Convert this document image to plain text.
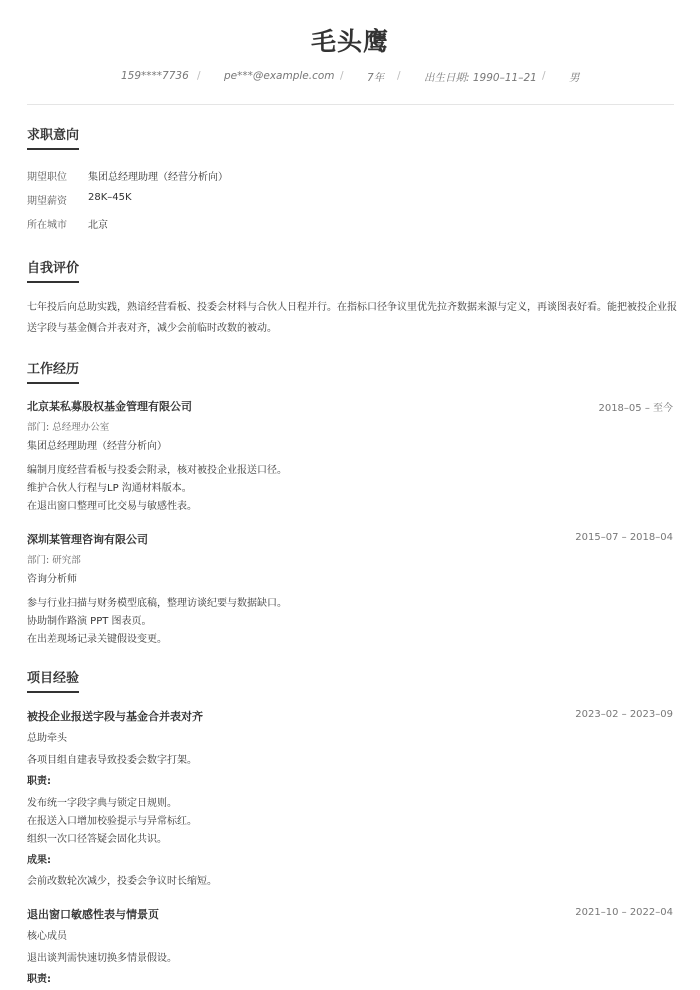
毛头鹰
159****7736 / pe***@example.com / 7年 / 出生日期: 1990–11–21 / 男
求职意向
期望职位 集团总经理助理（经营分析向）
期望薪资 28K–45K
所在城市 北京
自我评价
七年投后向总助实践，熟谙经营看板、投委会材料与合伙人日程并行。在指标口径争议里优先拉齐数据来源与定义，再谈图表好看。能把被投企业报送字段与基金侧合并表对齐，减少会前临时改数的被动。
工作经历
北京某私募股权基金管理有限公司	2018–05 – 至今
部门: 总经理办公室
集团总经理助理（经营分析向）
编制月度经营看板与投委会附录，核对被投企业报送口径。
维护合伙人行程与LP 沟通材料版本。
在退出窗口整理可比交易与敏感性表。
深圳某管理咨询有限公司	2015–07 – 2018–04
部门: 研究部
咨询分析师
参与行业扫描与财务模型底稿，整理访谈纪要与数据缺口。
协助制作路演 PPT 图表页。
在出差现场记录关键假设变更。
项目经验
被投企业报送字段与基金合并表对齐	2023–02 – 2023–09
总助牵头
各项目组自建表导致投委会数字打架。
职责:
发布统一字段字典与锁定日规则。
在报送入口增加校验提示与异常标红。
组织一次口径答疑会固化共识。
成果:
会前改数轮次减少，投委会争议时长缩短。
退出窗口敏感性表与情景页	2021–10 – 2022–04
核心成员
退出谈判需快速切换多情景假设。
职责:
